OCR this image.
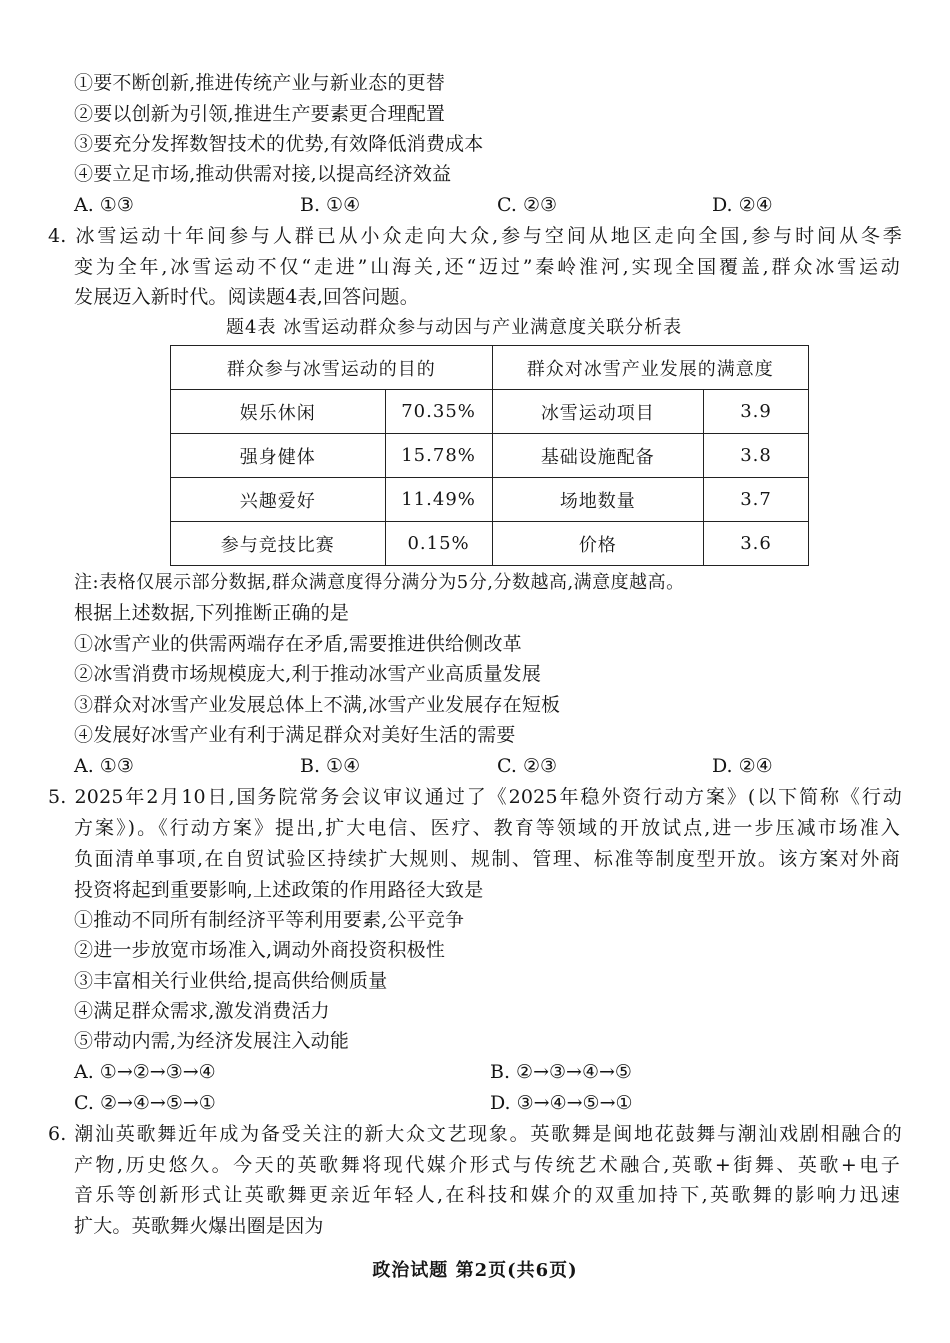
①要不断创新,推进传统产业与新业态的更替
②要以创新为引领,推进生产要素更合理配置
③要充分发挥数智技术的优势,有效降低消费成本
④要立足市场,推动供需对接,以提高经济效益
A. ①③	B. ①④	C. ②③	D. ②④
4. 冰雪运动十年间参与人群已从小众走向大众,参与空间从地区走向全国,参与时间从冬季
变为全年,冰雪运动不仅“走进”山海关,还“迈过”秦岭淮河,实现全国覆盖,群众冰雪运动
发展迈入新时代。阅读题4表,回答问题。
题4表 冰雪运动群众参与动因与产业满意度关联分析表
群众参与冰雪运动的目的		群众对冰雪产业发展的满意度	
娱乐休闲	70.35%	冰雪运动项目	3.9
强身健体	15.78%	基础设施配备	3.8
兴趣爱好	11.49%	场地数量	3.7
参与竞技比赛	0.15%	价格	3.6
注:表格仅展示部分数据,群众满意度得分满分为5分,分数越高,满意度越高。
根据上述数据,下列推断正确的是
①冰雪产业的供需两端存在矛盾,需要推进供给侧改革
②冰雪消费市场规模庞大,利于推动冰雪产业高质量发展
③群众对冰雪产业发展总体上不满,冰雪产业发展存在短板
④发展好冰雪产业有利于满足群众对美好生活的需要
A. ①③	B. ①④	C. ②③	D. ②④
5. 2025年2月10日,国务院常务会议审议通过了《2025年稳外资行动方案》(以下简称《行动
方案》)。《行动方案》提出,扩大电信、医疗、教育等领域的开放试点,进一步压减市场准入
负面清单事项,在自贸试验区持续扩大规则、规制、管理、标准等制度型开放。该方案对外商
投资将起到重要影响,上述政策的作用路径大致是
①推动不同所有制经济平等利用要素,公平竞争
②进一步放宽市场准入,调动外商投资积极性
③丰富相关行业供给,提高供给侧质量
④满足群众需求,激发消费活力
⑤带动内需,为经济发展注入动能
A. ①→②→③→④	B. ②→③→④→⑤
C. ②→④→⑤→①	D. ③→④→⑤→①
6. 潮汕英歌舞近年成为备受关注的新大众文艺现象。英歌舞是闽地花鼓舞与潮汕戏剧相融合的
产物,历史悠久。今天的英歌舞将现代媒介形式与传统艺术融合,英歌+街舞、英歌+电子
音乐等创新形式让英歌舞更亲近年轻人,在科技和媒介的双重加持下,英歌舞的影响力迅速
扩大。英歌舞火爆出圈是因为
政治试题 第2页(共6页)
